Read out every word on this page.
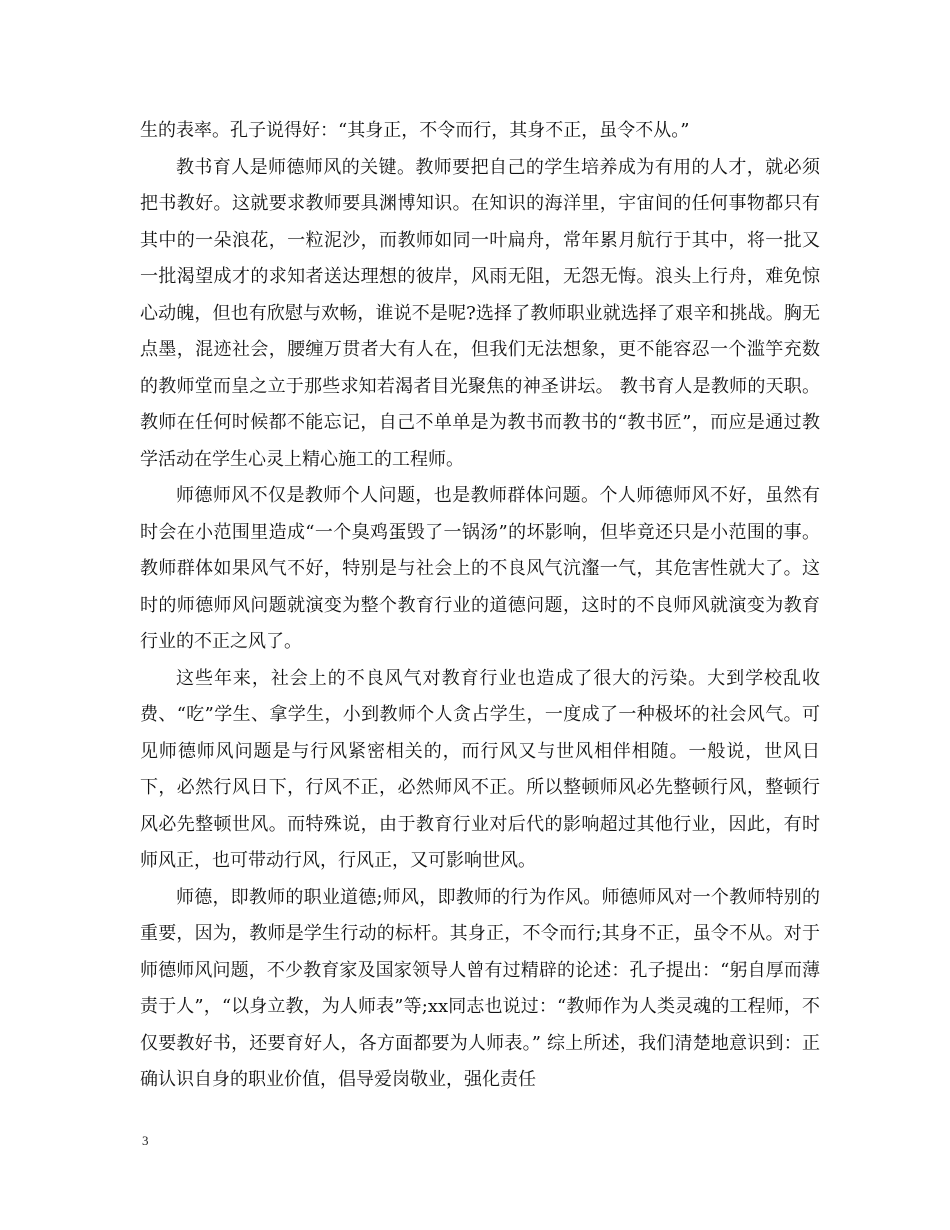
生的表率。孔子说得好：“其身正，不令而行，其身不正，虽令不从。”

教书育人是师德师风的关键。教师要把自己的学生培养成为有用的人才，就必须把书教好。这就要求教师要具渊博知识。在知识的海洋里，宇宙间的任何事物都只有其中的一朵浪花，一粒泥沙，而教师如同一叶扁舟，常年累月航行于其中，将一批又一批渴望成才的求知者送达理想的彼岸，风雨无阻，无怨无悔。浪头上行舟，难免惊心动魄，但也有欣慰与欢畅，谁说不是呢?选择了教师职业就选择了艰辛和挑战。胸无点墨，混迹社会，腰缠万贯者大有人在，但我们无法想象，更不能容忍一个滥竽充数的教师堂而皇之立于那些求知若渴者目光聚焦的神圣讲坛。 教书育人是教师的天职。教师在任何时候都不能忘记，自己不单单是为教书而教书的“教书匠”，而应是通过教学活动在学生心灵上精心施工的工程师。

师德师风不仅是教师个人问题，也是教师群体问题。个人师德师风不好，虽然有时会在小范围里造成“一个臭鸡蛋毁了一锅汤”的坏影响，但毕竟还只是小范围的事。教师群体如果风气不好，特别是与社会上的不良风气沆瀣一气，其危害性就大了。这时的师德师风问题就演变为整个教育行业的道德问题，这时的不良师风就演变为教育行业的不正之风了。

这些年来，社会上的不良风气对教育行业也造成了很大的污染。大到学校乱收费、“吃”学生、拿学生，小到教师个人贪占学生，一度成了一种极坏的社会风气。可见师德师风问题是与行风紧密相关的，而行风又与世风相伴相随。一般说，世风日下，必然行风日下，行风不正，必然师风不正。所以整顿师风必先整顿行风，整顿行风必先整顿世风。而特殊说，由于教育行业对后代的影响超过其他行业，因此，有时师风正，也可带动行风，行风正，又可影响世风。

师德，即教师的职业道德;师风，即教师的行为作风。师德师风对一个教师特别的重要，因为，教师是学生行动的标杆。其身正，不令而行;其身不正，虽令不从。对于师德师风问题，不少教育家及国家领导人曾有过精辟的论述：孔子提出：“躬自厚而薄责于人”，“以身立教，为人师表”等;xx同志也说过：“教师作为人类灵魂的工程师，不仅要教好书，还要育好人，各方面都要为人师表。” 综上所述，我们清楚地意识到：正确认识自身的职业价值，倡导爱岗敬业，强化责任

3
